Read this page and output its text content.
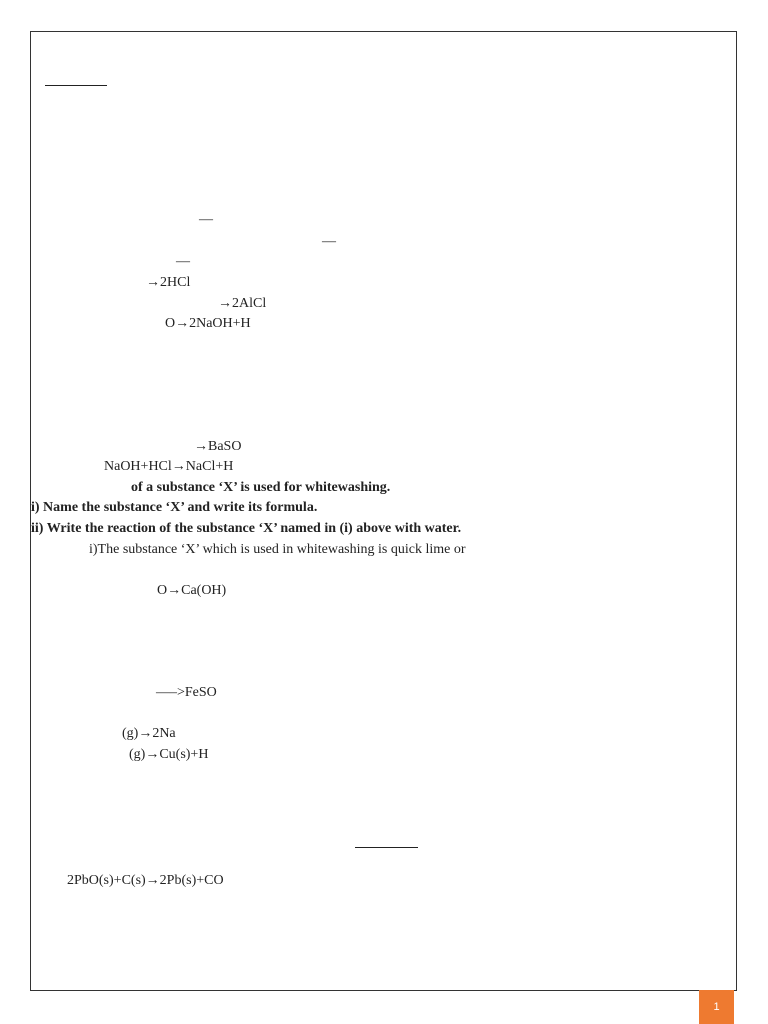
—
—
—
→2HCl
→2AlCl
O→2NaOH+H
→BaSO
NaOH+HCl→NaCl+H
of a substance ‘X’ is used for whitewashing.
i) Name the substance ‘X’ and write its formula.
ii) Write the reaction of the substance ‘X’ named in (i) above with water.
i)The substance ‘X’ which is used in whitewashing is quick lime or
O→Ca(OH)
—–>FeSO
(g)→2Na
(g)→Cu(s)+H
2PbO(s)+C(s)→2Pb(s)+CO
1
